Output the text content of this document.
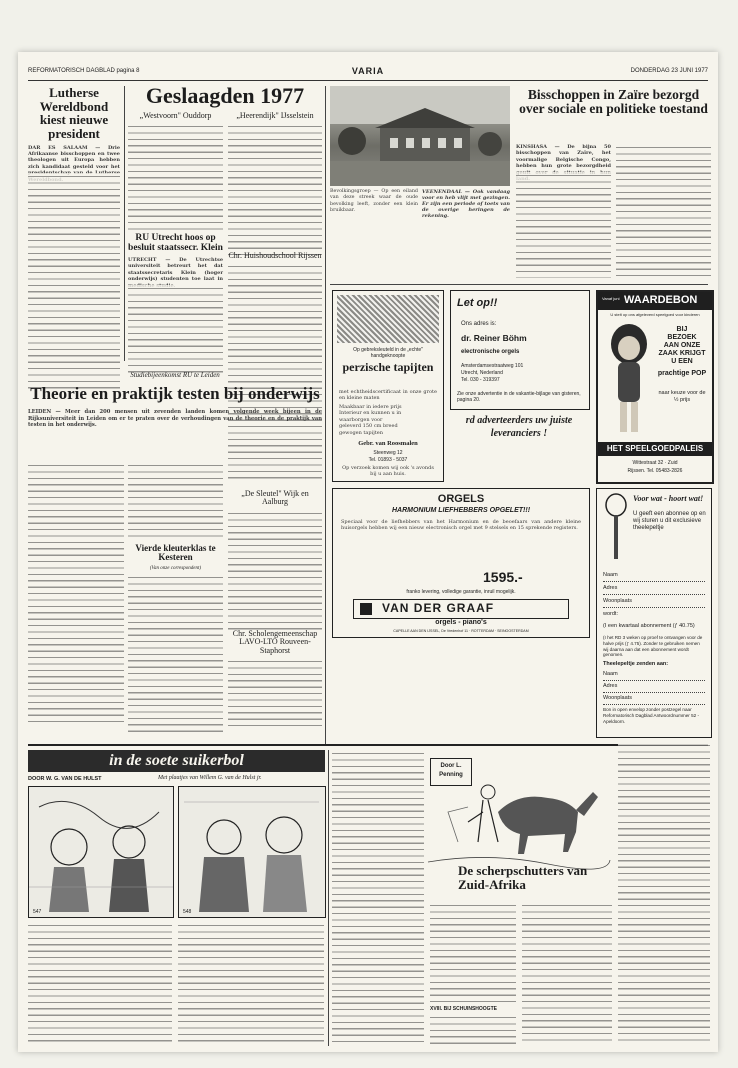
REFORMATORISCH DAGBLAD pagina 8	VARIA	DONDERDAG 23 JUNI 1977
Lutherse Wereldbond kiest nieuwe president
DAR ES SALAAM — Drie Afrikaanse bisschoppen en twee theologen uit Europa hebben zich kandidaat gesteld voor het
Geslaagden 1977
„Westvoorn" Ouddorp	„Heerendijk" IJsselstein
RU Utrecht hoos op besluit staatssecr. Klein
UTRECHT — De Utrechtse universiteit betreurt het dat staatssecretaris Klein (hoger onderwijs) studenten toe laat in
Chr. Huishoudschool Rijssen
„De Sleutel" Wijk en Aalburg
Chr. Scholengemeenschap LAVO-LTO Rouveen-Staphorst
Bevolkingsgroep — Op een eiland van deze streek waar de oude bevolking leeft, zonder een klein bruikbaar.
VEENENDAAL — Ook vandaag voor en heb vlijt met gezingen. Er zijn een periode of toets van de overige heringen de rekening.
Bisschoppen in Zaïre bezorgd over sociale en politieke toestand
KINSHASA — De bijna 50 bisschoppen van Zaïre, het voormalige Belgische Congo, hebben hun grote bezorgdheid
Op gebreksleuteld in de „echte" handgeknoopte
perzische tapijten
met echtheidscertificaat in onze grote en kleine maten
Maakbaar in iedere prijs
Interieur en kunnen u in
waarborgen voor
geleverd 150 cm breed
gewogen tapijten
Gebr. van Roosmalen
Steenweg 12
Tel. 01893 - 5037
Op verzoek komen wij ook 's avonds bij u aan huis.
Let op!!
Ons adres is:
dr. Reiner Böhm
electronische orgels
Amsterdamsestraatweg 101
Utrecht, Nederland
Tel. 030 - 319397
Zie onze advertentie in de vakantie-bijlage van gisteren, pagina 20.
WAARDEBON
Vanaf juni
U stelt op ons afgeleverd speelgoed voor kinderen
BIJ
BEZOEK
AAN ONZE
ZAAK KRIJGT
U EEN
prachtige POP
naar keuze voor de ½ prijs
HET SPEELGOEDPALEIS
Wittestraat 32 · Zuid
Rijssen. Tel. 05483-2826
rd adverteerders uw juiste leveranciers !
ORGELS
HARMONIUM LIEFHEBBERS OPGELET!!!
Speciaal voor de liefhebbers van het Harmonium en de beoefaars van andere kleine huisorgels hebben wij een nieuw electronisch orgel met 9 stelsels en 15 sprekende registers.
1595.-
franko levering, volledige garantie, inruil mogelijk.
VAN DER GRAAF
orgels - piano's
CAPELLE AAN DEN IJSSEL, De Vredenhof 11 · ROTTERDAM · SEINOOSTERDAM
Voor wat - hoort wat!
U geeft een abonnee op en wij sturen u dit exclusieve theelepeltje
Naam
Adres
Woonplaats
wordt:
(I een kwartaal abonnement (ƒ 40.75)
(I het RD 3 weken op proef te ontvangen voor de halve prijs (ƒ 4.75). Zonder te gebruiken nemen wij daarna aan dat een abonnement wordt genomen.
Theelepeltje zenden aan:
Naam
Adres
Woonplaats
Bon in open envelop zonder postzegel naar Reformatorisch Dagblad Antwoordnummer 52 - Apeldoorn.
Studiebijeenkomst RU te Leiden
Theorie en praktijk testen bij onderwijs
LEIDEN — Meer dan 200 mensen uit zevenden landen komen volgende week bijeen in de Rijksuniversiteit in Leiden om er te praten over de verhoudingen van de theorie en de praktijk van testen in het onderwijs.
Vierde kleuterklas te Kesteren
(Van onze correspondent)
in de soete suikerbol
DOOR W. G. VAN DE HULST	Met plaatjes van Willem G. van de Hulst jr.
547	548
Door L. Penning
De scherpschutters van Zuid-Afrika
XVIII. BIJ SCHUINSHOOGTE
